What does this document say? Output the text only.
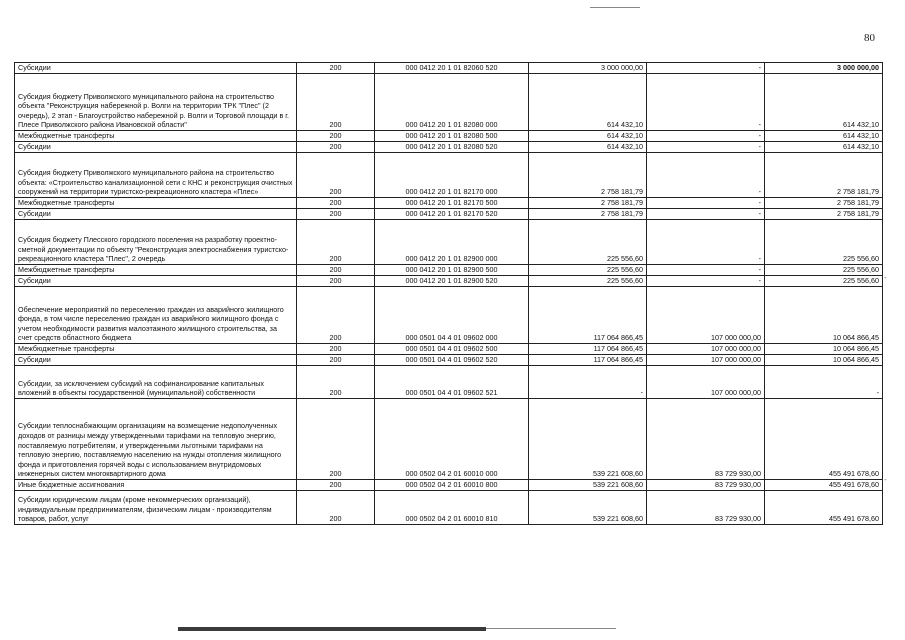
80
Субсидии	200	000 0412 20 1 01 82060 520	3 000 000,00	-	3 000 000,00
Субсидия бюджету Приволжского муниципального района на строительство объекта "Реконструкция набережной р. Волги на территории ТРК "Плес" (2 очередь), 2 этап - Благоустройство набережной р. Волги и Торговой площади в г. Плесе Приволжского района Ивановской области"	200	000 0412 20 1 01 82080 000	614 432,10	-	614 432,10
Межбюджетные трансферты	200	000 0412 20 1 01 82080 500	614 432,10	-	614 432,10
Субсидии	200	000 0412 20 1 01 82080 520	614 432,10	-	614 432,10
Субсидия бюджету Приволжского муниципального района на строительство объекта: «Строительство канализационной сети с КНС и реконструкция очистных сооружений на территории туристско-рекреационного кластера «Плес»	200	000 0412 20 1 01 82170 000	2 758 181,79	-	2 758 181,79
Межбюджетные трансферты	200	000 0412 20 1 01 82170 500	2 758 181,79	-	2 758 181,79
Субсидии	200	000 0412 20 1 01 82170 520	2 758 181,79	-	2 758 181,79
Субсидия бюджету Плесского городского поселения на разработку проектно-сметной документации по объекту "Реконструкция электроснабжения туристско-рекреационного кластера "Плес", 2 очередь	200	000 0412 20 1 01 82900 000	225 556,60	-	225 556,60
Межбюджетные трансферты	200	000 0412 20 1 01 82900 500	225 556,60	-	225 556,60
Субсидии	200	000 0412 20 1 01 82900 520	225 556,60	-	225 556,60
Обеспечение мероприятий по переселению граждан из аварийного жилищного фонда, в том числе переселению граждан из аварийного жилищного фонда с учетом необходимости развития малоэтажного жилищного строительства, за счет средств областного бюджета	200	000 0501 04 4 01 09602 000	117 064 866,45	107 000 000,00	10 064 866,45
Межбюджетные трансферты	200	000 0501 04 4 01 09602 500	117 064 866,45	107 000 000,00	10 064 866,45
Субсидии	200	000 0501 04 4 01 09602 520	117 064 866,45	107 000 000,00	10 064 866,45
Субсидии, за исключением субсидий на софинансирование капитальных вложений в объекты государственной (муниципальной) собственности	200	000 0501 04 4 01 09602 521	-	107 000 000,00	-
Субсидии теплоснабжающим организациям на возмещение недополученных доходов от разницы между утвержденными тарифами на тепловую энергию, поставляемую потребителям, и утвержденными льготными тарифами на тепловую энергию, поставляемую населению на нужды отопления жилищного фонда и приготовления горячей воды с использованием внутридомовых инженерных систем многоквартирного дома	200	000 0502 04 2 01 60010 000	539 221 608,60	83 729 930,00	455 491 678,60
Иные бюджетные ассигнования	200	000 0502 04 2 01 60010 800	539 221 608,60	83 729 930,00	455 491 678,60
Субсидии юридическим лицам (кроме некоммерческих организаций), индивидуальным предпринимателям, физическим лицам - производителям товаров, работ, услуг	200	000 0502 04 2 01 60010 810	539 221 608,60	83 729 930,00	455 491 678,60
-
-
